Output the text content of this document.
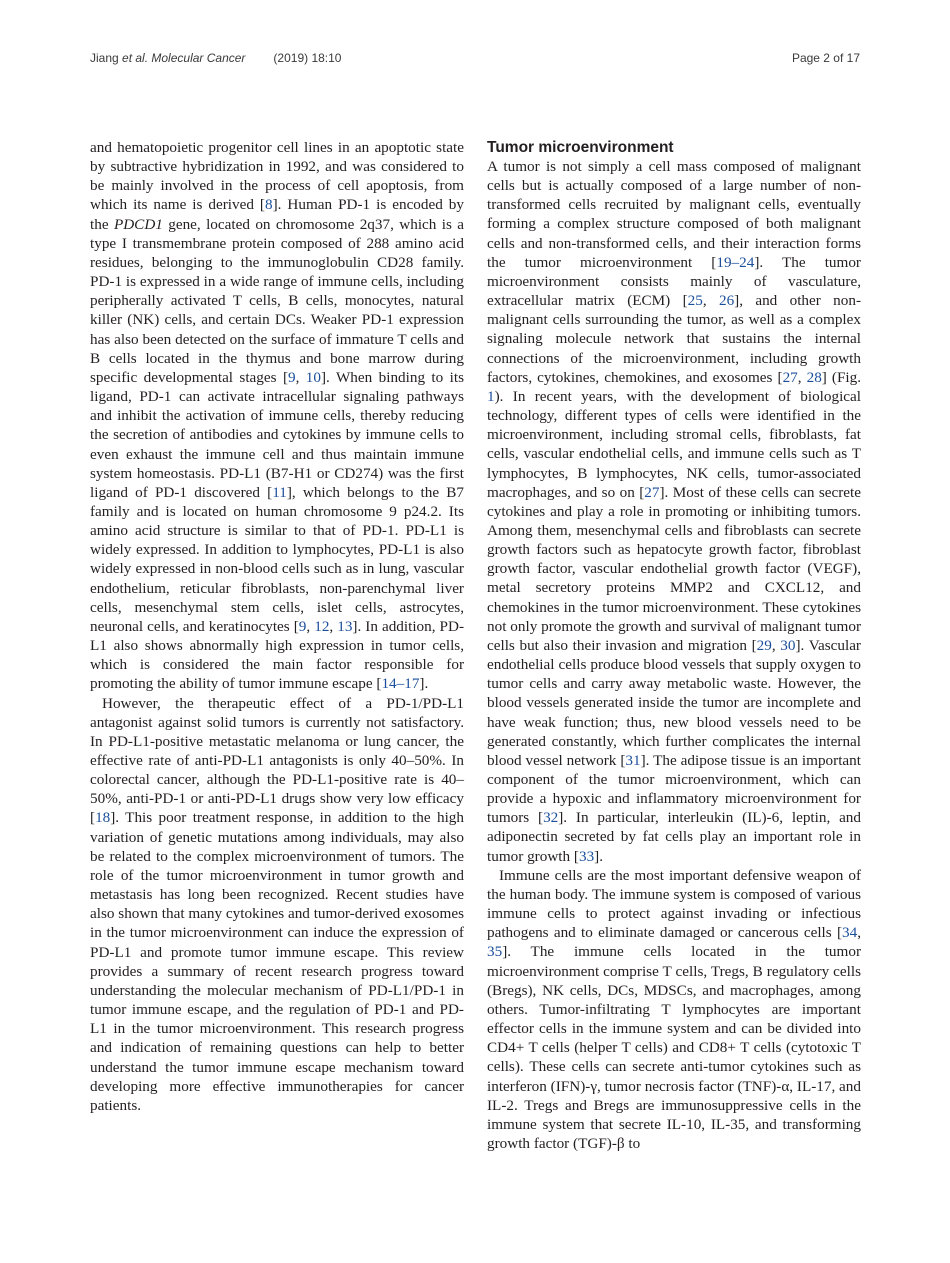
Jiang et al. Molecular Cancer (2019) 18:10	Page 2 of 17

and hematopoietic progenitor cell lines in an apoptotic state by subtractive hybridization in 1992, and was considered to be mainly involved in the process of cell apoptosis, from which its name is derived [8]. Human PD-1 is encoded by the PDCD1 gene, located on chromosome 2q37, which is a type I transmembrane protein composed of 288 amino acid residues, belonging to the immunoglobulin CD28 family. PD-1 is expressed in a wide range of immune cells, including peripherally activated T cells, B cells, monocytes, natural killer (NK) cells, and certain DCs. Weaker PD-1 expression has also been detected on the surface of immature T cells and B cells located in the thymus and bone marrow during specific developmental stages [9, 10]. When binding to its ligand, PD-1 can activate intracellular signaling pathways and inhibit the activation of immune cells, thereby reducing the secretion of antibodies and cytokines by immune cells to even exhaust the immune cell and thus maintain immune system homeostasis. PD-L1 (B7-H1 or CD274) was the first ligand of PD-1 discovered [11], which belongs to the B7 family and is located on human chromosome 9 p24.2. Its amino acid structure is similar to that of PD-1. PD-L1 is widely expressed. In addition to lymphocytes, PD-L1 is also widely expressed in non-blood cells such as in lung, vascular endothelium, reticular fibroblasts, non-parenchymal liver cells, mesenchymal stem cells, islet cells, astrocytes, neuronal cells, and keratinocytes [9, 12, 13]. In addition, PD-L1 also shows abnormally high expression in tumor cells, which is considered the main factor responsible for promoting the ability of tumor immune escape [14–17].

However, the therapeutic effect of a PD-1/PD-L1 antagonist against solid tumors is currently not satisfactory. In PD-L1-positive metastatic melanoma or lung cancer, the effective rate of anti-PD-L1 antagonists is only 40–50%. In colorectal cancer, although the PD-L1-positive rate is 40–50%, anti-PD-1 or anti-PD-L1 drugs show very low efficacy [18]. This poor treatment response, in addition to the high variation of genetic mutations among individuals, may also be related to the complex microenvironment of tumors. The role of the tumor microenvironment in tumor growth and metastasis has long been recognized. Recent studies have also shown that many cytokines and tumor-derived exosomes in the tumor microenvironment can induce the expression of PD-L1 and promote tumor immune escape. This review provides a summary of recent research progress toward understanding the molecular mechanism of PD-L1/PD-1 in tumor immune escape, and the regulation of PD-1 and PD-L1 in the tumor microenvironment. This research progress and indication of remaining questions can help to better understand the tumor immune escape mechanism toward developing more effective immunotherapies for cancer patients.

Tumor microenvironment

A tumor is not simply a cell mass composed of malignant cells but is actually composed of a large number of non-transformed cells recruited by malignant cells, eventually forming a complex structure composed of both malignant cells and non-transformed cells, and their interaction forms the tumor microenvironment [19–24]. The tumor microenvironment consists mainly of vasculature, extracellular matrix (ECM) [25, 26], and other non-malignant cells surrounding the tumor, as well as a complex signaling molecule network that sustains the internal connections of the microenvironment, including growth factors, cytokines, chemokines, and exosomes [27, 28] (Fig. 1). In recent years, with the development of biological technology, different types of cells were identified in the microenvironment, including stromal cells, fibroblasts, fat cells, vascular endothelial cells, and immune cells such as T lymphocytes, B lymphocytes, NK cells, tumor-associated macrophages, and so on [27]. Most of these cells can secrete cytokines and play a role in promoting or inhibiting tumors. Among them, mesenchymal cells and fibroblasts can secrete growth factors such as hepatocyte growth factor, fibroblast growth factor, vascular endothelial growth factor (VEGF), metal secretory proteins MMP2 and CXCL12, and chemokines in the tumor microenvironment. These cytokines not only promote the growth and survival of malignant tumor cells but also their invasion and migration [29, 30]. Vascular endothelial cells produce blood vessels that supply oxygen to tumor cells and carry away metabolic waste. However, the blood vessels generated inside the tumor are incomplete and have weak function; thus, new blood vessels need to be generated constantly, which further complicates the internal blood vessel network [31]. The adipose tissue is an important component of the tumor microenvironment, which can provide a hypoxic and inflammatory microenvironment for tumors [32]. In particular, interleukin (IL)-6, leptin, and adiponectin secreted by fat cells play an important role in tumor growth [33].

Immune cells are the most important defensive weapon of the human body. The immune system is composed of various immune cells to protect against invading or infectious pathogens and to eliminate damaged or cancerous cells [34, 35]. The immune cells located in the tumor microenvironment comprise T cells, Tregs, B regulatory cells (Bregs), NK cells, DCs, MDSCs, and macrophages, among others. Tumor-infiltrating T lymphocytes are important effector cells in the immune system and can be divided into CD4+ T cells (helper T cells) and CD8+ T cells (cytotoxic T cells). These cells can secrete anti-tumor cytokines such as interferon (IFN)-γ, tumor necrosis factor (TNF)-α, IL-17, and IL-2. Tregs and Bregs are immunosuppressive cells in the immune system that secrete IL-10, IL-35, and transforming growth factor (TGF)-β to
